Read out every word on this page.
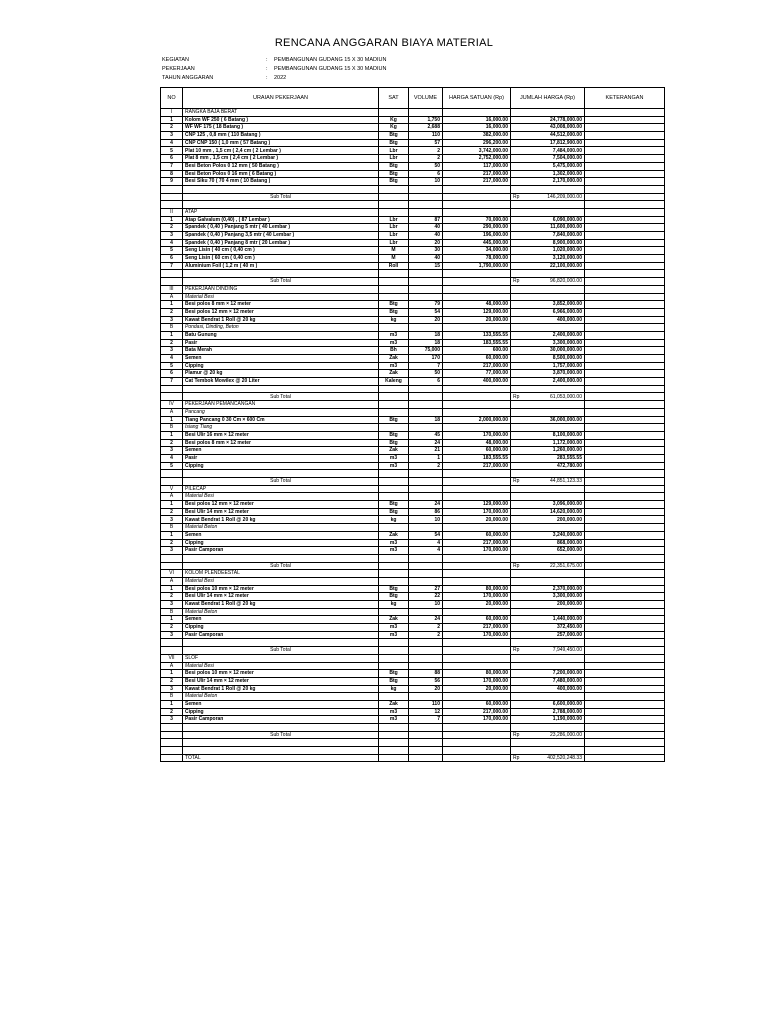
RENCANA ANGGARAN BIAYA MATERIAL
KEGIATAN	:	PEMBANGUNAN GUDANG 15 X 30 MADIUN
PEKERJAAN	:	PEMBANGUNAN GUDANG 15 X 30 MADIUN
TAHUN ANGGARAN	:	2022
NO	URAIAN PEKERJAAN	SAT	VOLUME	HARGA SATUAN (Rp)	JUMLAH HARGA (Rp)	KETERANGAN
I	RANGKA BAJA BERAT					
1	Kolom WF 250 ( 6 Batang )	Kg	1,750	16,000.00	24,778,000.00	
2	WF WF 175 ( 18 Batang )	Kg	2,688	16,000.00	43,008,000.00	
3	CNP 125 , 0,8 mm ( 110 Batang )	Btg	110	382,000.00	44,512,000.00	
4	CNP CNP 150 ( 1,0 mm ( 57 Batang )	Btg	57	296,200.00	17,812,900.00	
5	Plat 10 mm , 1,5 cm ( 2,4 cm ( 2 Lembar )	Lbr	2	3,742,000.00	7,484,000.00	
6	Plat 8 mm , 1,5 cm ( 2,4 cm ( 2 Lembar )	Lbr	2	2,752,000.00	7,504,000.00	
7	Besi Beton Polos 0 12 mm ( 50 Batang )	Btg	50	117,000.00	5,475,000.00	
8	Besi Beton Polos 0 16 mm ( 6 Batang )	Btg	6	217,000.00	1,302,000.00	
9	Besi Siku 70 ( 70 4 mm ( 10 Batang )	Btg	10	217,000.00	2,170,000.00	

	Sub Total				Rp 146,209,000.00	

II	ATAP					
1	Atap Galvalum (0,40) , ( 87 Lembar )	Lbr	87	70,000.00	6,090,000.00	
2	Spandek ( 0,40 ) Panjang 5 mtr ( 40 Lembar )	Lbr	40	290,000.00	11,600,000.00	
3	Spandek ( 0,40 ) Panjang 3,5 mtr ( 40 Lembar )	Lbr	40	196,000.00	7,840,000.00	
4	Spandek ( 0,40 ) Panjang 8 mtr ( 20 Lembar )	Lbr	20	445,000.00	8,900,000.00	
5	Seng Lisin ( 40 cm ( 0,40 cm )	M	30	34,000.00	1,020,000.00	
6	Seng Lisin ( 60 cm ( 0,40 cm )	M	40	78,000.00	3,120,000.00	
7	Aluminium Foil ( 1,2 m ( 40 m )	Roll	15	1,790,000.00	22,100,000.00	

	Sub Total				Rp 96,820,000.00	

III	PEKERJAAN DINDING					
A	Material Besi					
1	Besi polos 8 mm × 12 meter	Btg	79	48,000.00	3,852,000.00	
2	Besi polos 12 mm × 12 meter	Btg	54	129,000.00	6,966,000.00	
3	Kawat Bendrat 1 Roll @ 20 kg	kg	20	20,000.00	400,000.00	
B	Pondasi, Dinding, Beton					
1	Batu Gunung	m3	18	133,555.55	2,400,000.00	
2	Pasir	m3	18	183,555.55	3,300,000.00	
3	Bata Merah	Bh	75,000	600.00	30,000,000.00	
4	Semen	Zak	170	60,000.00	8,500,000.00	
5	Cipping	m3	7	217,000.00	1,757,000.00	
6	Plamur @ 20 kg	Zak	50	77,000.00	3,870,000.00	
7	Cat Tembok Mowilex @ 20 Liter	Kaleng	6	400,000.00	2,400,000.00	

	Sub Total				Rp 61,053,000.00	

IV	PEKERJAAN PEMANCANGAN					
A	Pancang					
1	Tiang Pancang 0 30 Cm × 600 Cm	Btg	18	2,000,000.00	36,000,000.00	
B	Isiang Tiang					
1	Besi Ulir 16 mm × 12 meter	Btg	45	170,000.00	8,100,000.00	
2	Besi polos 8 mm × 12 meter	Btg	24	48,000.00	1,172,000.00	
3	Semen	Zak	21	60,000.00	1,260,000.00	
4	Pasir	m3	1	183,555.55	283,555.55	
5	Cipping	m3	2	217,000.00	472,780.00	

	Sub Total				Rp 44,851,123.33	

V	PILECAP					
A	Material Besi					
1	Besi polos 12 mm × 12 meter	Btg	24	129,000.00	3,096,000.00	
2	Besi Ulir 14 mm × 12 meter	Btg	86	170,000.00	14,620,000.00	
3	Kawat Bendrat 1 Roll @ 20 kg	kg	10	20,000.00	200,000.00	
B	Material Beton					
1	Semen	Zak	54	60,000.00	3,240,000.00	
2	Cipping	m3	4	217,000.00	868,000.00	
3	Pasir Camporan	m3	4	170,000.00	652,000.00	

	Sub Total				Rp 22,351,675.00	

VI	KOLOM PLENDEESTAL					
A	Material Besi					
1	Besi polos 10 mm × 12 meter	Btg	27	80,000.00	2,370,000.00	
2	Besi Ulir 14 mm × 12 meter	Btg	22	170,000.00	3,300,000.00	
3	Kawat Bendrat 1 Roll @ 20 kg	kg	10	20,000.00	200,000.00	
B	Material Beton					
1	Semen	Zak	24	60,000.00	1,440,000.00	
2	Cipping	m3	2	217,000.00	372,450.00	
3	Pasir Camporan	m3	2	170,000.00	257,000.00	

	Sub Total				Rp 7,949,450.00	

VII	SLOF					
A	Material Besi					
1	Besi polos 10 mm × 12 meter	Btg	88	80,000.00	7,200,000.00	
2	Besi Ulir 14 mm × 12 meter	Btg	56	170,000.00	7,480,000.00	
3	Kawat Bendrat 1 Roll @ 20 kg	kg	20	20,000.00	400,000.00	
B	Material Beton					
1	Semen	Zak	110	60,000.00	6,600,000.00	
2	Cipping	m3	12	217,000.00	2,788,000.00	
3	Pasir Camporan	m3	7	170,000.00	1,190,000.00	

	Sub Total				Rp 23,286,000.00	

	TOTAL				Rp 402,520,248.33	
